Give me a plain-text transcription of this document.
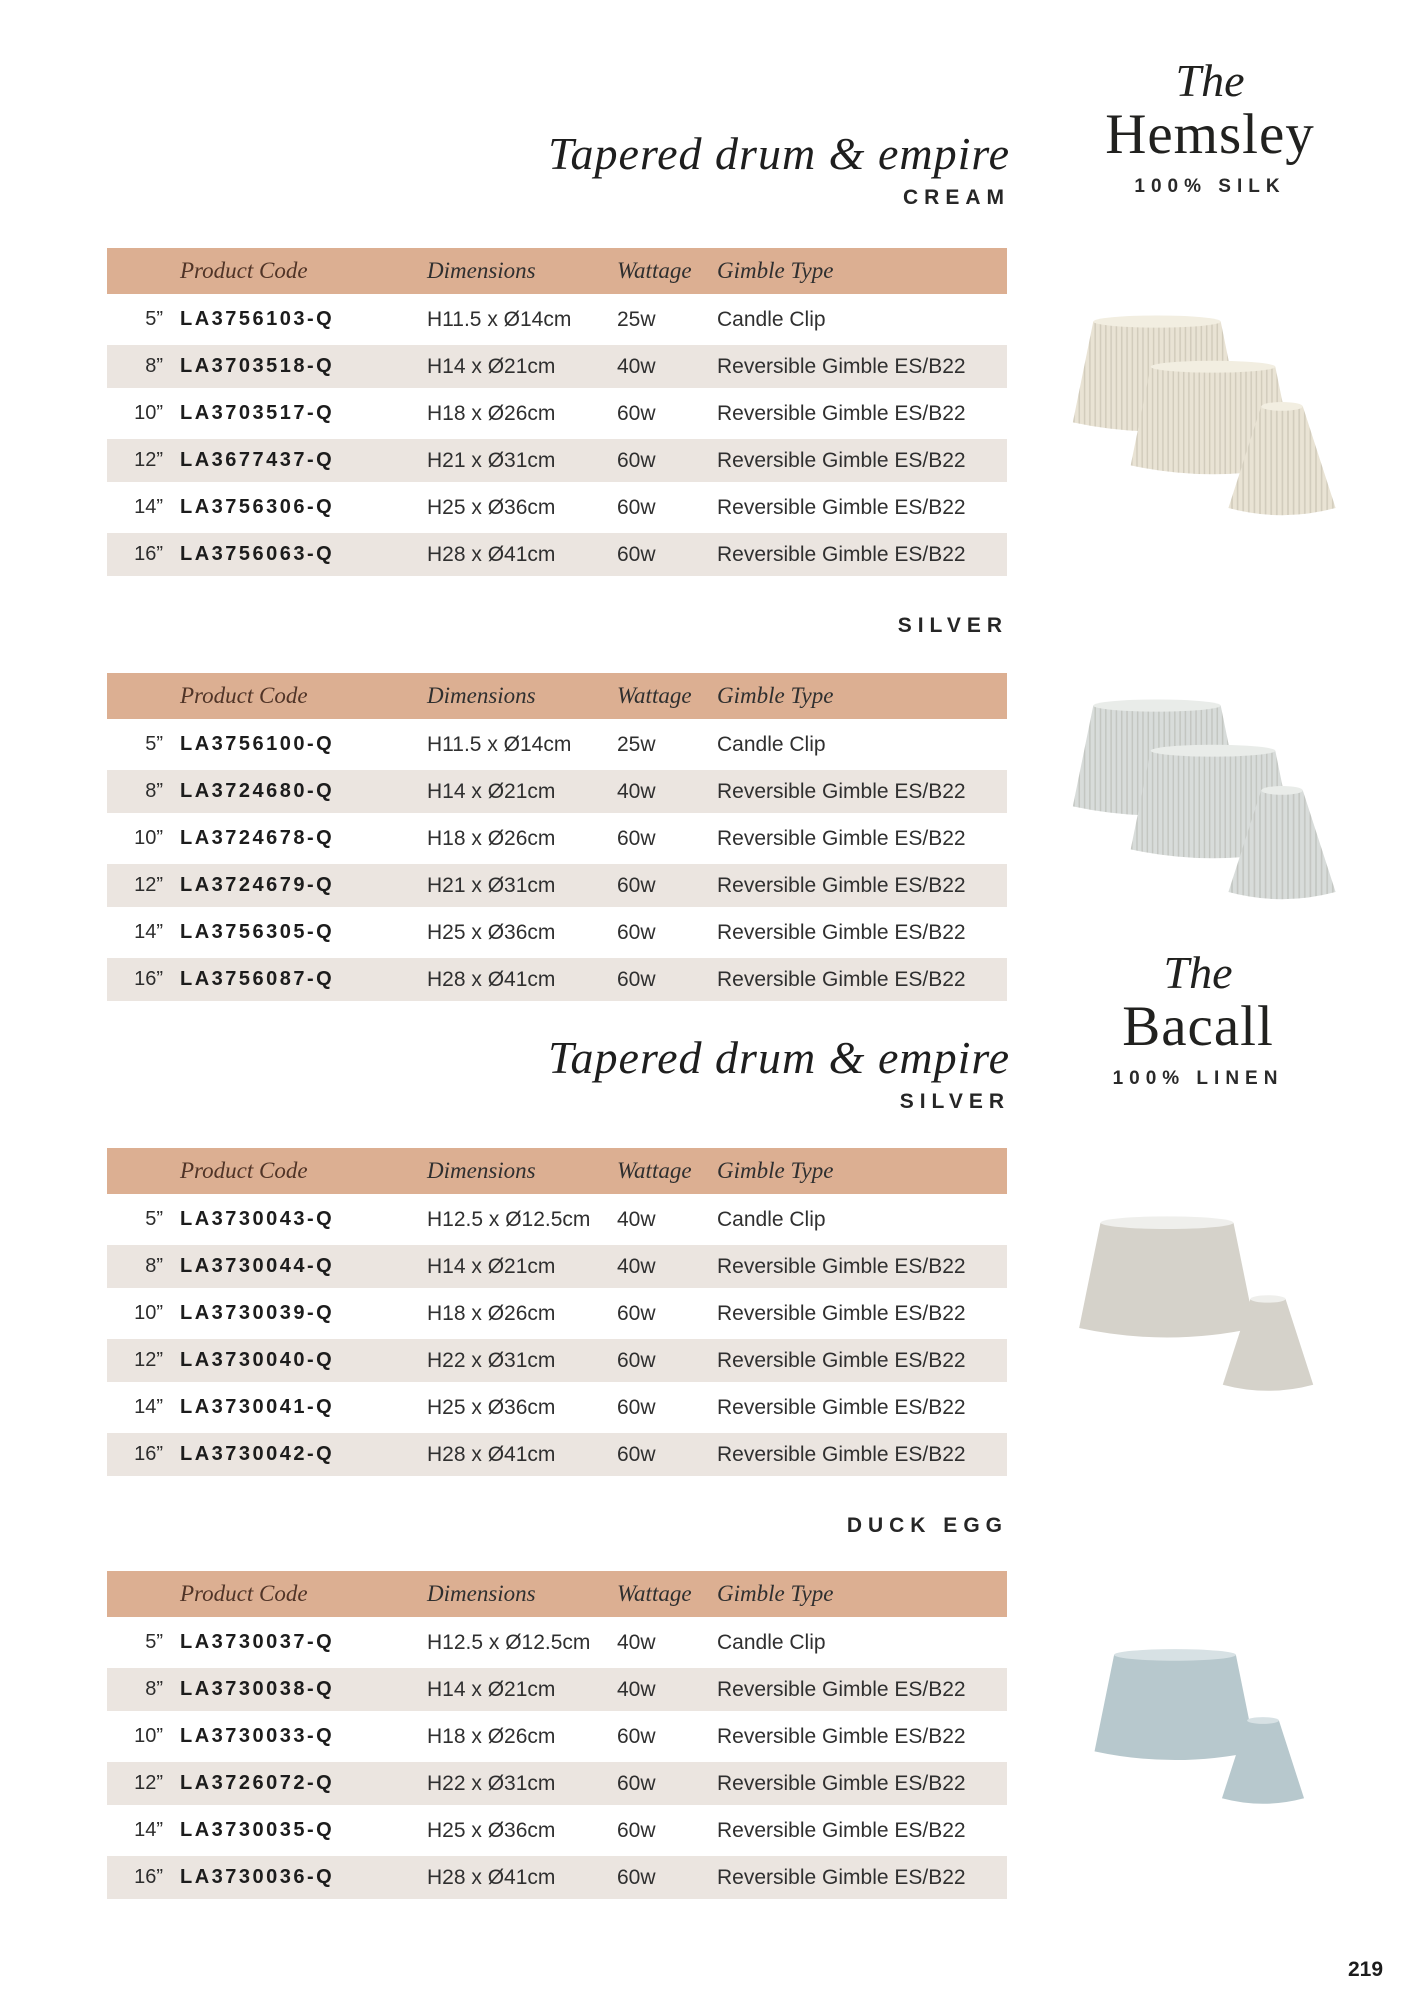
Tapered drum & empire
CREAM
The
Hemsley
100% SILK
Product Code	Dimensions	Wattage	Gimble Type
5” LA3756103-Q	H11.5 x Ø14cm	25w	Candle Clip
8” LA3703518-Q	H14 x Ø21cm	40w	Reversible Gimble ES/B22
10” LA3703517-Q	H18 x Ø26cm	60w	Reversible Gimble ES/B22
12” LA3677437-Q	H21 x Ø31cm	60w	Reversible Gimble ES/B22
14” LA3756306-Q	H25 x Ø36cm	60w	Reversible Gimble ES/B22
16” LA3756063-Q	H28 x Ø41cm	60w	Reversible Gimble ES/B22
SILVER
Product Code	Dimensions	Wattage	Gimble Type
5” LA3756100-Q	H11.5 x Ø14cm	25w	Candle Clip
8” LA3724680-Q	H14 x Ø21cm	40w	Reversible Gimble ES/B22
10” LA3724678-Q	H18 x Ø26cm	60w	Reversible Gimble ES/B22
12” LA3724679-Q	H21 x Ø31cm	60w	Reversible Gimble ES/B22
14” LA3756305-Q	H25 x Ø36cm	60w	Reversible Gimble ES/B22
16” LA3756087-Q	H28 x Ø41cm	60w	Reversible Gimble ES/B22
Tapered drum & empire
SILVER
The
Bacall
100% LINEN
Product Code	Dimensions	Wattage	Gimble Type
5” LA3730043-Q	H12.5 x Ø12.5cm	40w	Candle Clip
8” LA3730044-Q	H14 x Ø21cm	40w	Reversible Gimble ES/B22
10” LA3730039-Q	H18 x Ø26cm	60w	Reversible Gimble ES/B22
12” LA3730040-Q	H22 x Ø31cm	60w	Reversible Gimble ES/B22
14” LA3730041-Q	H25 x Ø36cm	60w	Reversible Gimble ES/B22
16” LA3730042-Q	H28 x Ø41cm	60w	Reversible Gimble ES/B22
DUCK EGG
Product Code	Dimensions	Wattage	Gimble Type
5” LA3730037-Q	H12.5 x Ø12.5cm	40w	Candle Clip
8” LA3730038-Q	H14 x Ø21cm	40w	Reversible Gimble ES/B22
10” LA3730033-Q	H18 x Ø26cm	60w	Reversible Gimble ES/B22
12” LA3726072-Q	H22 x Ø31cm	60w	Reversible Gimble ES/B22
14” LA3730035-Q	H25 x Ø36cm	60w	Reversible Gimble ES/B22
16” LA3730036-Q	H28 x Ø41cm	60w	Reversible Gimble ES/B22
219
